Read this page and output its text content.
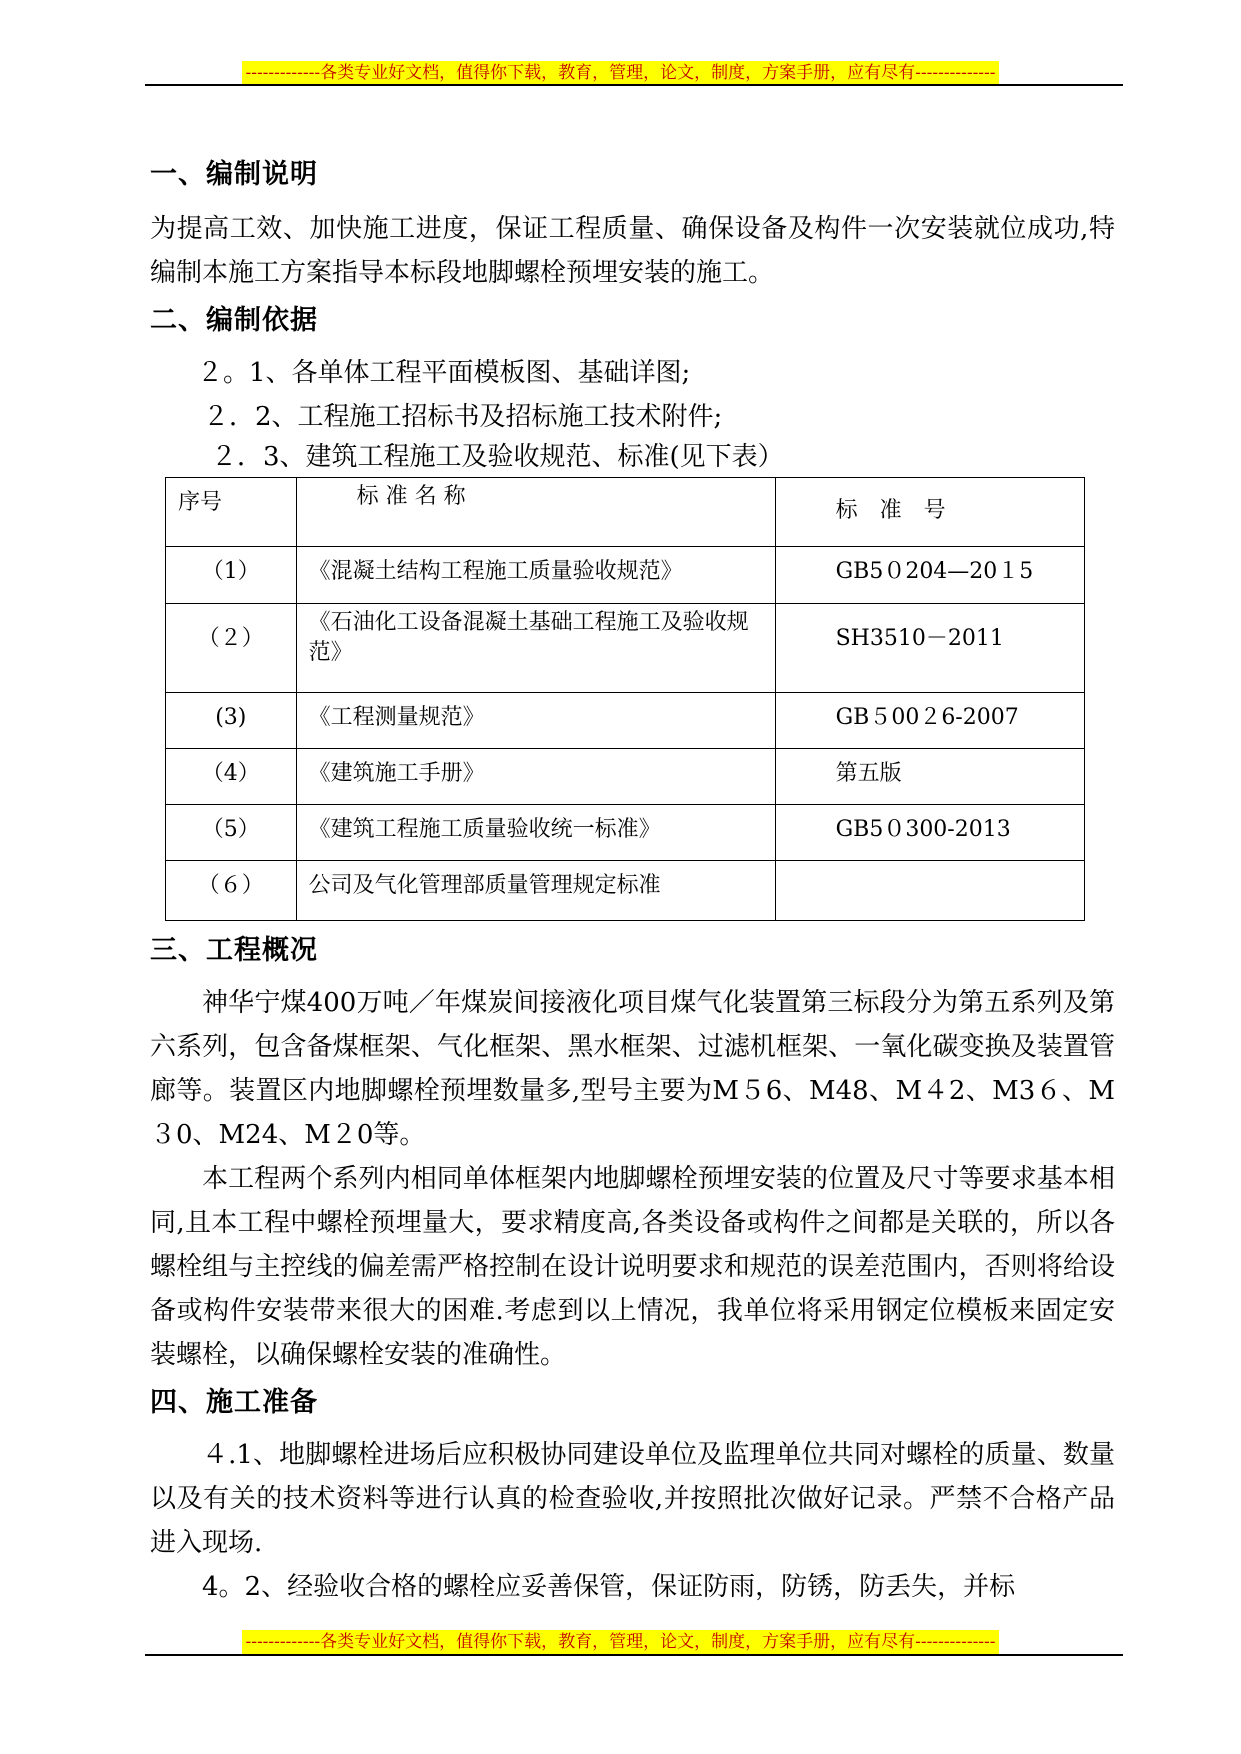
-------------各类专业好文档，值得你下载，教育，管理，论文，制度，方案手册，应有尽有--------------
一、编制说明

为提高工效、加快施工进度，保证工程质量、确保设备及构件一次安装就位成功,特编制本施工方案指导本标段地脚螺栓预埋安装的施工。

二、编制依据

２。1、各单体工程平面模板图、基础详图;

２．2、工程施工招标书及招标施工技术附件;

２．3、建筑工程施工及验收规范、标准(见下表）

序号	标 准 名 称	标　准　号
（1）	《混凝土结构工程施工质量验收规范》	GB5０204—20１5
（２）	《石油化工设备混凝土基础工程施工及验收规范》	SH3510－2011
(3)	《工程测量规范》	GB５00２6-2007
（4）	《建筑施工手册》	第五版
（5）	《建筑工程施工质量验收统一标准》	GB5０300-2013
（６）	公司及气化管理部质量管理规定标准	
三、工程概况

神华宁煤400万吨／年煤炭间接液化项目煤气化装置第三标段分为第五系列及第六系列，包含备煤框架、气化框架、黑水框架、过滤机框架、一氧化碳变换及装置管廊等。装置区内地脚螺栓预埋数量多,型号主要为M５6、M48、M４2、M3６、M３0、M24、M２0等。

本工程两个系列内相同单体框架内地脚螺栓预埋安装的位置及尺寸等要求基本相同,且本工程中螺栓预埋量大，要求精度高,各类设备或构件之间都是关联的，所以各螺栓组与主控线的偏差需严格控制在设计说明要求和规范的误差范围内，否则将给设备或构件安装带来很大的困难.考虑到以上情况，我单位将采用钢定位模板来固定安装螺栓，以确保螺栓安装的准确性。

四、施工准备

４.1、地脚螺栓进场后应积极协同建设单位及监理单位共同对螺栓的质量、数量以及有关的技术资料等进行认真的检查验收,并按照批次做好记录。严禁不合格产品进入现场.

4。2、经验收合格的螺栓应妥善保管，保证防雨，防锈，防丢失，并标

-------------各类专业好文档，值得你下载，教育，管理，论文，制度，方案手册，应有尽有--------------
